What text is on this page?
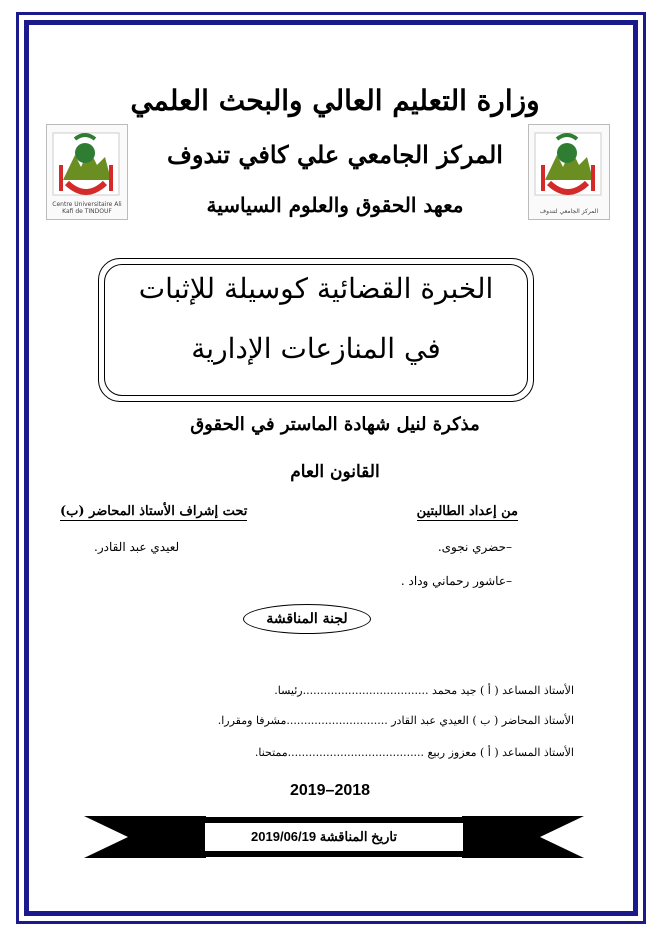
المركز الجامعي لتندوف
Centre Universitaire Ali Kafi de TINDOUF
وزارة التعليم العالي والبحث العلمي
المركز الجامعي علي كافي تندوف
معهد الحقوق والعلوم السياسية
الخبرة القضائية كوسيلة للإثبات
في المنازعات الإدارية
مذكرة لنيل شهادة الماستر في الحقوق
القانون العام
من إعداد الطالبتين
–حضري نجوى.
–عاشور رحماني وداد .
تحت إشراف الأستاذ المحاضر (ب)
لعيدي عبد القادر.
لجنة المناقشة
الأستاذ المساعد ( أ ) جيد محمد ....................................رئيسا.
الأستاذ المحاضر ( ب ) العيدي عبد القادر .............................مشرفا ومقررا.
الأستاذ المساعد ( أ ) معزوز ربيع .......................................ممتحنا.
2019–2018
تاريخ المناقشة 2019/06/19
